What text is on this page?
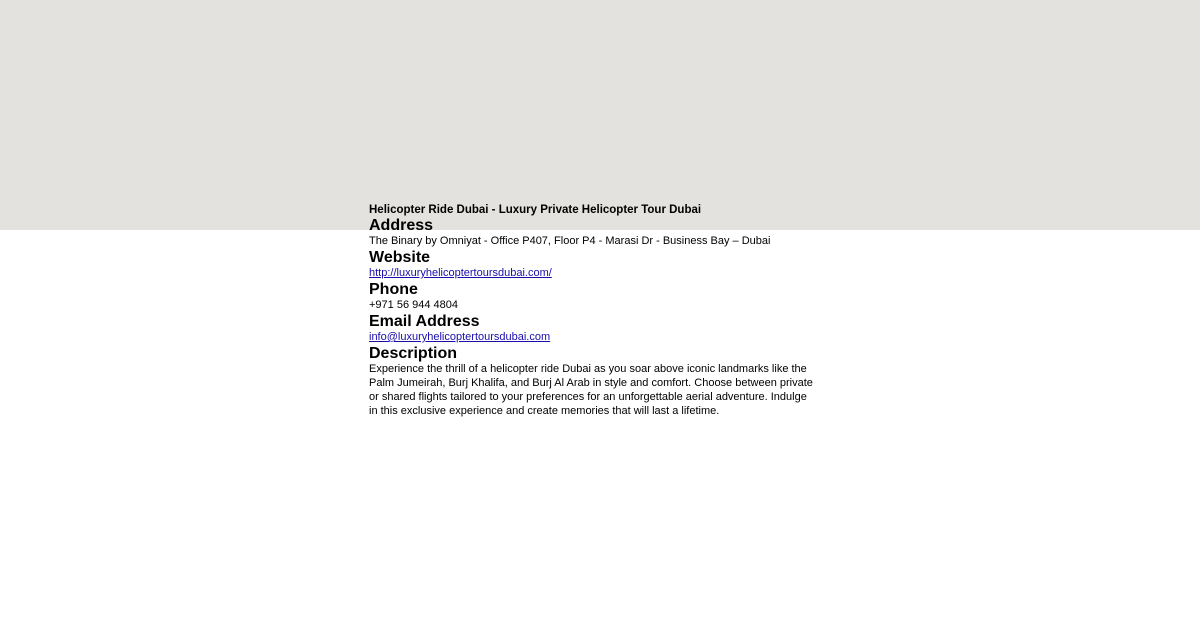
Helicopter Ride Dubai - Luxury Private Helicopter Tour Dubai
Address
The Binary by Omniyat - Office P407, Floor P4 - Marasi Dr - Business Bay – Dubai
Website
http://luxuryhelicoptertoursdubai.com/
Phone
+971 56 944 4804
Email Address
info@luxuryhelicoptertoursdubai.com
Description
Experience the thrill of a helicopter ride Dubai as you soar above iconic landmarks like the Palm Jumeirah, Burj Khalifa, and Burj Al Arab in style and comfort. Choose between private or shared flights tailored to your preferences for an unforgettable aerial adventure. Indulge in this exclusive experience and create memories that will last a lifetime.
